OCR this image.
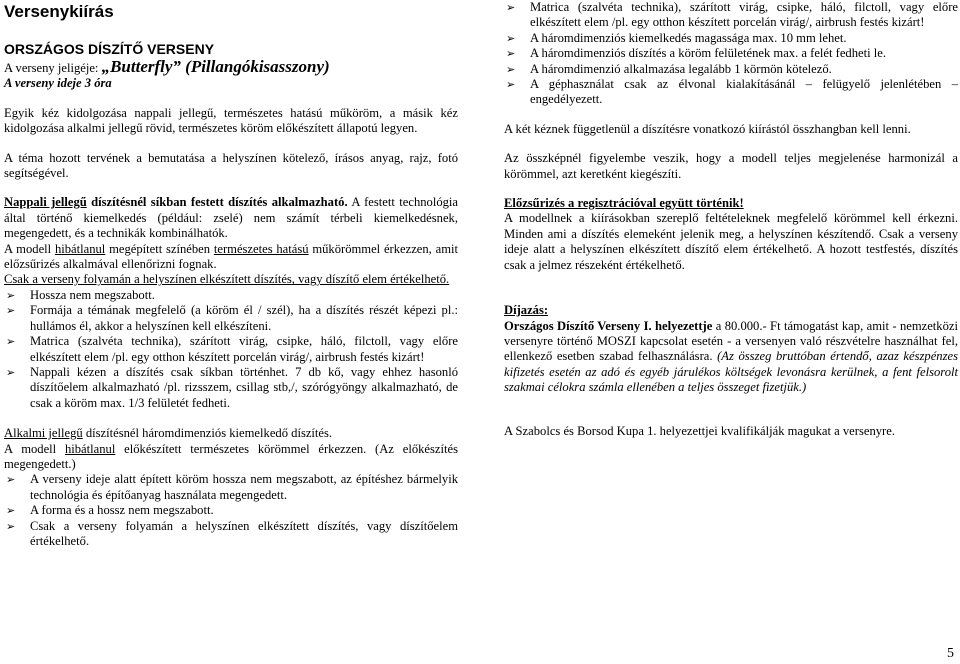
Versenykiírás
ORSZÁGOS DÍSZÍTŐ VERSENY

A verseny jeligéje: „Butterfly” (Pillangókisasszony)

A verseny ideje 3 óra

Egyik kéz kidolgozása nappali jellegű, természetes hatású műköröm, a másik kéz kidolgozása alkalmi jellegű rövid, természetes köröm előkészített állapotú legyen.

A téma hozott tervének a bemutatása a helyszínen kötelező, írásos anyag, rajz, fotó segítségével.

Nappali jellegű díszítésnél síkban festett díszítés alkalmazható. A festett technológia által történő kiemelkedés (például: zselé) nem számít térbeli kiemelkedésnek, megengedett, és a technikák kombinálhatók.

A modell hibátlanul megépített színében természetes hatású műkörömmel érkezzen, amit előzsűrizés alkalmával ellenőrizni fognak.

Csak a verseny folyamán a helyszínen elkészített díszítés, vagy díszítő elem értékelhető.

➢ Hossza nem megszabott.
➢ Formája a témának megfelelő (a köröm él / szél), ha a díszítés részét képezi pl.: hullámos él, akkor a helyszínen kell elkészíteni.
➢ Matrica (szalvéta technika), szárított virág, csipke, háló, filctoll, vagy előre elkészített elem /pl. egy otthon készített porcelán virág/, airbrush festés kizárt!
➢ Nappali kézen a díszítés csak síkban történhet. 7 db kő, vagy ehhez hasonló díszítőelem alkalmazható /pl. rizsszem, csillag stb,/, szórógyöngy alkalmazható, de csak a köröm max. 1/3 felületét fedheti.

Alkalmi jellegű díszítésnél háromdimenziós kiemelkedő díszítés.

A modell hibátlanul előkészített természetes körömmel érkezzen. (Az előkészítés megengedett.)

➢ A verseny ideje alatt épített köröm hossza nem megszabott, az építéshez bármelyik technológia és építőanyag használata megengedett.
➢ A forma és a hossz nem megszabott.
➢ Csak a verseny folyamán a helyszínen elkészített díszítés, vagy díszítőelem értékelhető.
➢ Matrica (szalvéta technika), szárított virág, csipke, háló, filctoll, vagy előre elkészített elem /pl. egy otthon készített porcelán virág/, airbrush festés kizárt!
➢ A háromdimenziós kiemelkedés magassága max. 10 mm lehet.
➢ A háromdimenziós díszítés a köröm felületének max. a felét fedheti le.
➢ A háromdimenzió alkalmazása legalább 1 körmön kötelező.
➢ A géphasználat csak az élvonal kialakításánál – felügyelő jelenlétében – engedélyezett.

A két kéznek függetlenül a díszítésre vonatkozó kiírástól összhangban kell lenni.

Az összképnél figyelembe veszik, hogy a modell teljes megjelenése harmonizál a körömmel, azt keretként kiegészíti.

Előzsűrizés a regisztrációval együtt történik!

A modellnek a kiírásokban szereplő feltételeknek megfelelő körömmel kell érkezni. Minden ami a díszítés elemeként jelenik meg, a helyszínen készítendő. Csak a verseny ideje alatt a helyszínen elkészített díszítő elem értékelhető. A hozott testfestés, díszítés csak a jelmez részeként értékelhető.

Díjazás:

Országos Díszítő Verseny I. helyezettje a 80.000.- Ft támogatást kap, amit - nemzetközi versenyre történő MOSZI kapcsolat esetén - a versenyen való részvételre használhat fel, ellenkező esetben szabad felhasználásra. (Az összeg bruttóban értendő, azaz készpénzes kifizetés esetén az adó és egyéb járulékos költségek levonásra kerülnek, a fent felsorolt szakmai célokra számla ellenében a teljes összeget fizetjük.)

A Szabolcs és Borsod Kupa 1. helyezettjei kvalifikálják magukat a versenyre.

5
